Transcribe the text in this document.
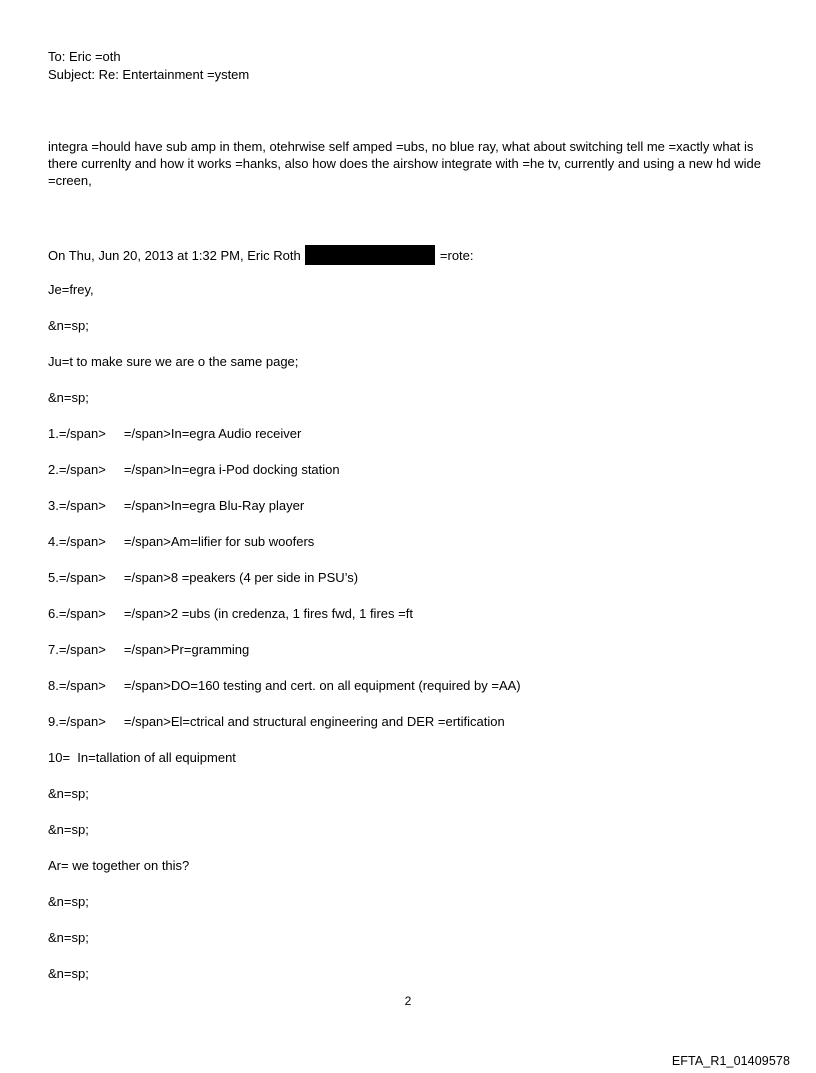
To: Eric =oth
Subject: Re: Entertainment =ystem
integra =hould have sub amp in them, otehrwise self amped =ubs, no blue ray, what about switching tell me =xactly what is there currenlty and how it works =hanks, also how does the airshow integrate with =he tv, currently and using a new hd wide =creen,
On Thu, Jun 20, 2013 at 1:32 PM, Eric Roth	=rote:
Je=frey,
&n=sp;
Ju=t to make sure we are o the same page;
&n=sp;
1.=/span>     =/span>In=egra Audio receiver
2.=/span>     =/span>In=egra i-Pod docking station
3.=/span>     =/span>In=egra Blu-Ray player
4.=/span>     =/span>Am=lifier for sub woofers
5.=/span>     =/span>8 =peakers (4 per side in PSU’s)
6.=/span>     =/span>2 =ubs (in credenza, 1 fires fwd, 1 fires =ft
7.=/span>     =/span>Pr=gramming
8.=/span>     =/span>DO=160 testing and cert. on all equipment (required by =AA)
9.=/span>     =/span>El=ctrical and structural engineering and DER =ertification
10=  In=tallation of all equipment
&n=sp;
&n=sp;
Ar= we together on this?
&n=sp;
&n=sp;
&n=sp;
2
EFTA_R1_01409578
